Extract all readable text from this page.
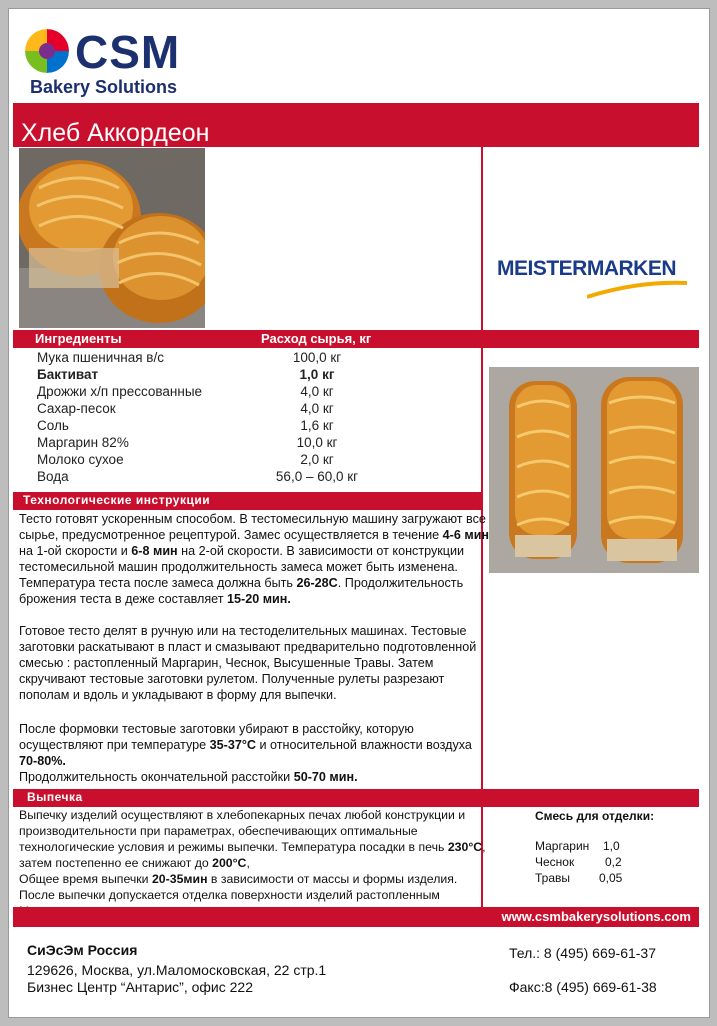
CSM
Bakery Solutions
Хлеб Аккордеон
MEISTERMARKEN
Ингредиенты	Расход сырья, кг
Технологические инструкции
Тесто готовят ускоренным способом. В тестомесильную машину загружают все сырье, предусмотренное рецептурой. Замес осуществляется в течение 4-6 мин на 1-ой скорости и 6-8 мин на 2-ой скорости. В зависимости от конструкции тестомесильной машин продолжительность замеса может быть изменена. Температура теста после замеса должна быть 26-28С. Продолжительность брожения теста в деже составляет 15-20 мин.
Готовое тесто делят в ручную или на тестоделительных машинах. Тестовые заготовки раскатывают в пласт и смазывают предварительно подготовленной смесью : растопленный Маргарин, Чеснок, Высушенные Травы. Затем скручивают тестовые заготовки рулетом. Полученные рулеты разрезают пополам и вдоль и укладывают в форму для выпечки.
После формовки тестовые заготовки убирают в расстойку, которую осуществляют при температуре 35-37°С и относительной влажности воздуха 70-80%.
Продолжительность окончательной расстойки 50-70 мин.
Выпечка
Выпечку изделий осуществляют в хлебопекарных печах любой конструкции и производительности при параметрах, обеспечивающих оптимальные технологические условия и режимы выпечки. Температура посадки в печь 230°С, затем постепенно ее снижают до 200°С,
Общее время выпечки 20-35мин в зависимости от массы и формы изделия.
После выпечки допускается отделка поверхности изделий растопленным
Смесь для отделки:
www.csmbakerysolutions.com
СиЭсЭм Россия
129626, Москва, ул.Маломосковская, 22 стр.1
Бизнес Центр “Антарис”, офис 222
Тел.: 8 (495) 669-61-37
Факс:8 (495) 669-61-38
Мука пшеничная в/с	100,0 кг
Бактиват	1,0 кг
Дрожжи х/п прессованные	4,0 кг
Сахар-песок	4,0 кг
Соль	1,6 кг
Маргарин 82%	10,0 кг
Молоко сухое	2,0 кг
Вода	56,0 – 60,0 кг
Маргарин 1,0
Чеснок	0,2
Травы 0,05
